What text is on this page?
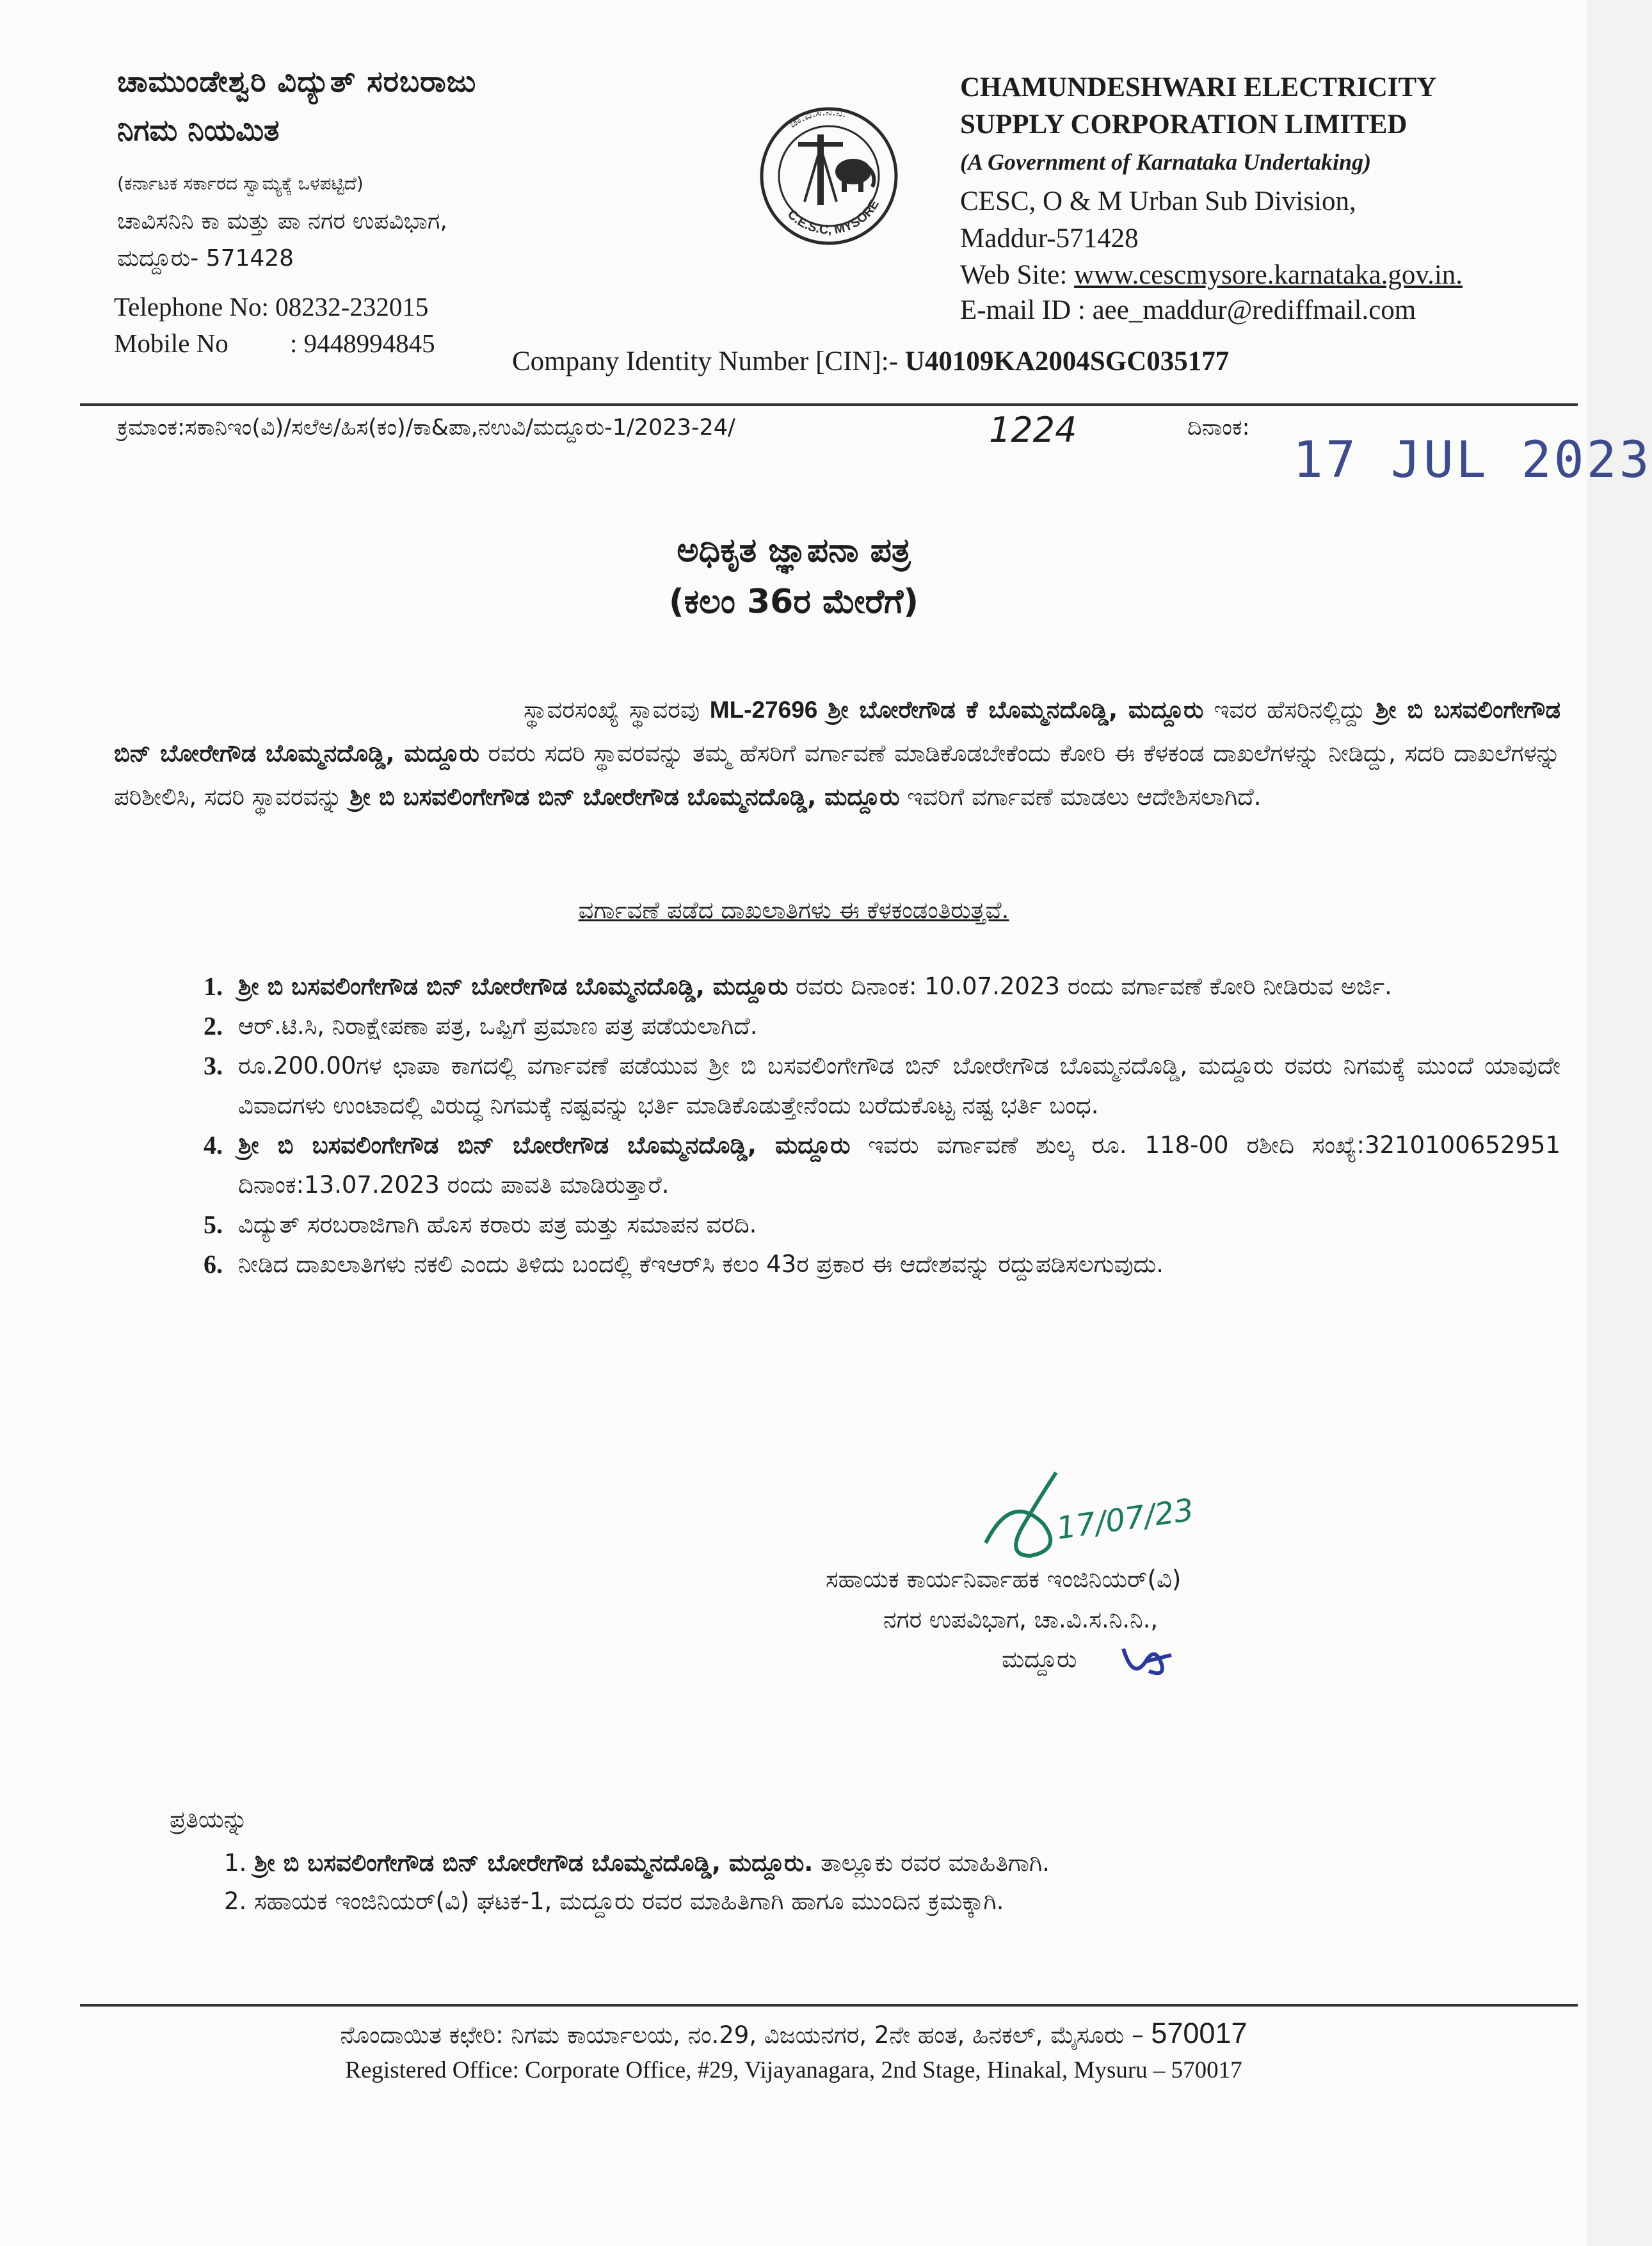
ಚಾಮುಂಡೇಶ್ವರಿ ವಿದ್ಯುತ್ ಸರಬರಾಜು
ನಿಗಮ ನಿಯಮಿತ
(ಕರ್ನಾಟಕ ಸರ್ಕಾರದ ಸ್ವಾಮ್ಯಕ್ಕೆ ಒಳಪಟ್ಟಿದೆ)
ಚಾವಿಸನಿನಿ ಕಾ ಮತ್ತು ಪಾ ನಗರ ಉಪವಿಭಾಗ,
ಮದ್ದೂರು- 571428
Telephone No: 08232-232015
Mobile No : 9448994845
ಚಾ.ವಿ.ಸ.ನಿ.ನಿ.
C.E.S.C, MYSORE
CHAMUNDESHWARI ELECTRICITY
SUPPLY CORPORATION LIMITED
(A Government of Karnataka Undertaking)
CESC, O & M Urban Sub Division,
Maddur-571428
Web Site: www.cescmysore.karnataka.gov.in.
E-mail ID : aee_maddur@rediffmail.com
Company Identity Number [CIN]:- U40109KA2004SGC035177
ಕ್ರಮಾಂಕ:ಸಕಾನಿಇಂ(ವಿ)/ಸಲೆಅ/ಹಿಸ(ಕಂ)/ಕಾ&ಪಾ,ನಉವಿ/ಮದ್ದೂರು-1/2023-24/	1224	ದಿನಾಂಕ:
17 JUL 2023
ಅಧಿಕೃತ ಜ್ಞಾಪನಾ ಪತ್ರ
(ಕಲಂ 36ರ ಮೇರೆಗೆ)
ಸ್ಥಾವರಸಂಖ್ಯೆ ಸ್ಥಾವರವು ML-27696 ಶ್ರೀ ಬೋರೇಗೌಡ ಕೆ ಬೊಮ್ಮನದೊಡ್ಡಿ, ಮದ್ದೂರು ಇವರ ಹೆಸರಿನಲ್ಲಿದ್ದು ಶ್ರೀ ಬಿ ಬಸವಲಿಂಗೇಗೌಡ ಬಿನ್ ಬೋರೇಗೌಡ ಬೊಮ್ಮನದೊಡ್ಡಿ, ಮದ್ದೂರು ರವರು ಸದರಿ ಸ್ಥಾವರವನ್ನು ತಮ್ಮ ಹೆಸರಿಗೆ ವರ್ಗಾವಣೆ ಮಾಡಿಕೊಡಬೇಕೆಂದು ಕೋರಿ ಈ ಕೆಳಕಂಡ ದಾಖಲೆಗಳನ್ನು ನೀಡಿದ್ದು, ಸದರಿ ದಾಖಲೆಗಳನ್ನು ಪರಿಶೀಲಿಸಿ, ಸದರಿ ಸ್ಥಾವರವನ್ನು ಶ್ರೀ ಬಿ ಬಸವಲಿಂಗೇಗೌಡ ಬಿನ್ ಬೋರೇಗೌಡ ಬೊಮ್ಮನದೊಡ್ಡಿ, ಮದ್ದೂರು ಇವರಿಗೆ ವರ್ಗಾವಣೆ ಮಾಡಲು ಆದೇಶಿಸಲಾಗಿದೆ.
ವರ್ಗಾವಣೆ ಪಡೆದ ದಾಖಲಾತಿಗಳು ಈ ಕೆಳಕಂಡಂತಿರುತ್ತವೆ.
1. ಶ್ರೀ ಬಿ ಬಸವಲಿಂಗೇಗೌಡ ಬಿನ್ ಬೋರೇಗೌಡ ಬೊಮ್ಮನದೊಡ್ಡಿ, ಮದ್ದೂರು ರವರು ದಿನಾಂಕ: 10.07.2023 ರಂದು ವರ್ಗಾವಣೆ ಕೋರಿ ನೀಡಿರುವ ಅರ್ಜಿ.
2. ಆರ್.ಟಿ.ಸಿ, ನಿರಾಕ್ಷೇಪಣಾ ಪತ್ರ, ಒಪ್ಪಿಗೆ ಪ್ರಮಾಣ ಪತ್ರ ಪಡೆಯಲಾಗಿದೆ.
3. ರೂ.200.00ಗಳ ಛಾಪಾ ಕಾಗದಲ್ಲಿ ವರ್ಗಾವಣೆ ಪಡೆಯುವ ಶ್ರೀ ಬಿ ಬಸವಲಿಂಗೇಗೌಡ ಬಿನ್ ಬೋರೇಗೌಡ ಬೊಮ್ಮನದೊಡ್ಡಿ, ಮದ್ದೂರು ರವರು ನಿಗಮಕ್ಕೆ ಮುಂದೆ ಯಾವುದೇ ವಿವಾದಗಳು ಉಂಟಾದಲ್ಲಿ ವಿರುದ್ಧ ನಿಗಮಕ್ಕೆ ನಷ್ಟವನ್ನು ಭರ್ತಿ ಮಾಡಿಕೊಡುತ್ತೇನೆಂದು ಬರೆದುಕೊಟ್ಟ ನಷ್ಟ ಭರ್ತಿ ಬಂಧ.
4. ಶ್ರೀ ಬಿ ಬಸವಲಿಂಗೇಗೌಡ ಬಿನ್ ಬೋರೇಗೌಡ ಬೊಮ್ಮನದೊಡ್ಡಿ, ಮದ್ದೂರು ಇವರು ವರ್ಗಾವಣೆ ಶುಲ್ಕ ರೂ. 118-00 ರಶೀದಿ ಸಂಖ್ಯೆ:3210100652951 ದಿನಾಂಕ:13.07.2023 ರಂದು ಪಾವತಿ ಮಾಡಿರುತ್ತಾರೆ.
5. ವಿದ್ಯುತ್ ಸರಬರಾಜಿಗಾಗಿ ಹೊಸ ಕರಾರು ಪತ್ರ ಮತ್ತು ಸಮಾಪನ ವರದಿ.
6. ನೀಡಿದ ದಾಖಲಾತಿಗಳು ನಕಲಿ ಎಂದು ತಿಳಿದು ಬಂದಲ್ಲಿ ಕೆಇಆರ್‌ಸಿ ಕಲಂ 43ರ ಪ್ರಕಾರ ಈ ಆದೇಶವನ್ನು ರದ್ದುಪಡಿಸಲಗುವುದು.
17/07/23
ಸಹಾಯಕ ಕಾರ್ಯನಿರ್ವಾಹಕ ಇಂಜಿನಿಯರ್(ವಿ)
ನಗರ ಉಪವಿಭಾಗ, ಚಾ.ವಿ.ಸ.ನಿ.ನಿ.,
ಮದ್ದೂರು
ಪ್ರತಿಯನ್ನು
1. ಶ್ರೀ ಬಿ ಬಸವಲಿಂಗೇಗೌಡ ಬಿನ್ ಬೋರೇಗೌಡ ಬೊಮ್ಮನದೊಡ್ಡಿ, ಮದ್ದೂರು. ತಾಲ್ಲೂಕು ರವರ ಮಾಹಿತಿಗಾಗಿ.
2. ಸಹಾಯಕ ಇಂಜಿನಿಯರ್(ವಿ) ಘಟಕ-1, ಮದ್ದೂರು ರವರ ಮಾಹಿತಿಗಾಗಿ ಹಾಗೂ ಮುಂದಿನ ಕ್ರಮಕ್ಕಾಗಿ.
ನೊಂದಾಯಿತ ಕಛೇರಿ: ನಿಗಮ ಕಾರ್ಯಾಲಯ, ನಂ.29, ವಿಜಯನಗರ, 2ನೇ ಹಂತ, ಹಿನಕಲ್, ಮೈಸೂರು – 570017
Registered Office: Corporate Office, #29, Vijayanagara, 2nd Stage, Hinakal, Mysuru – 570017
